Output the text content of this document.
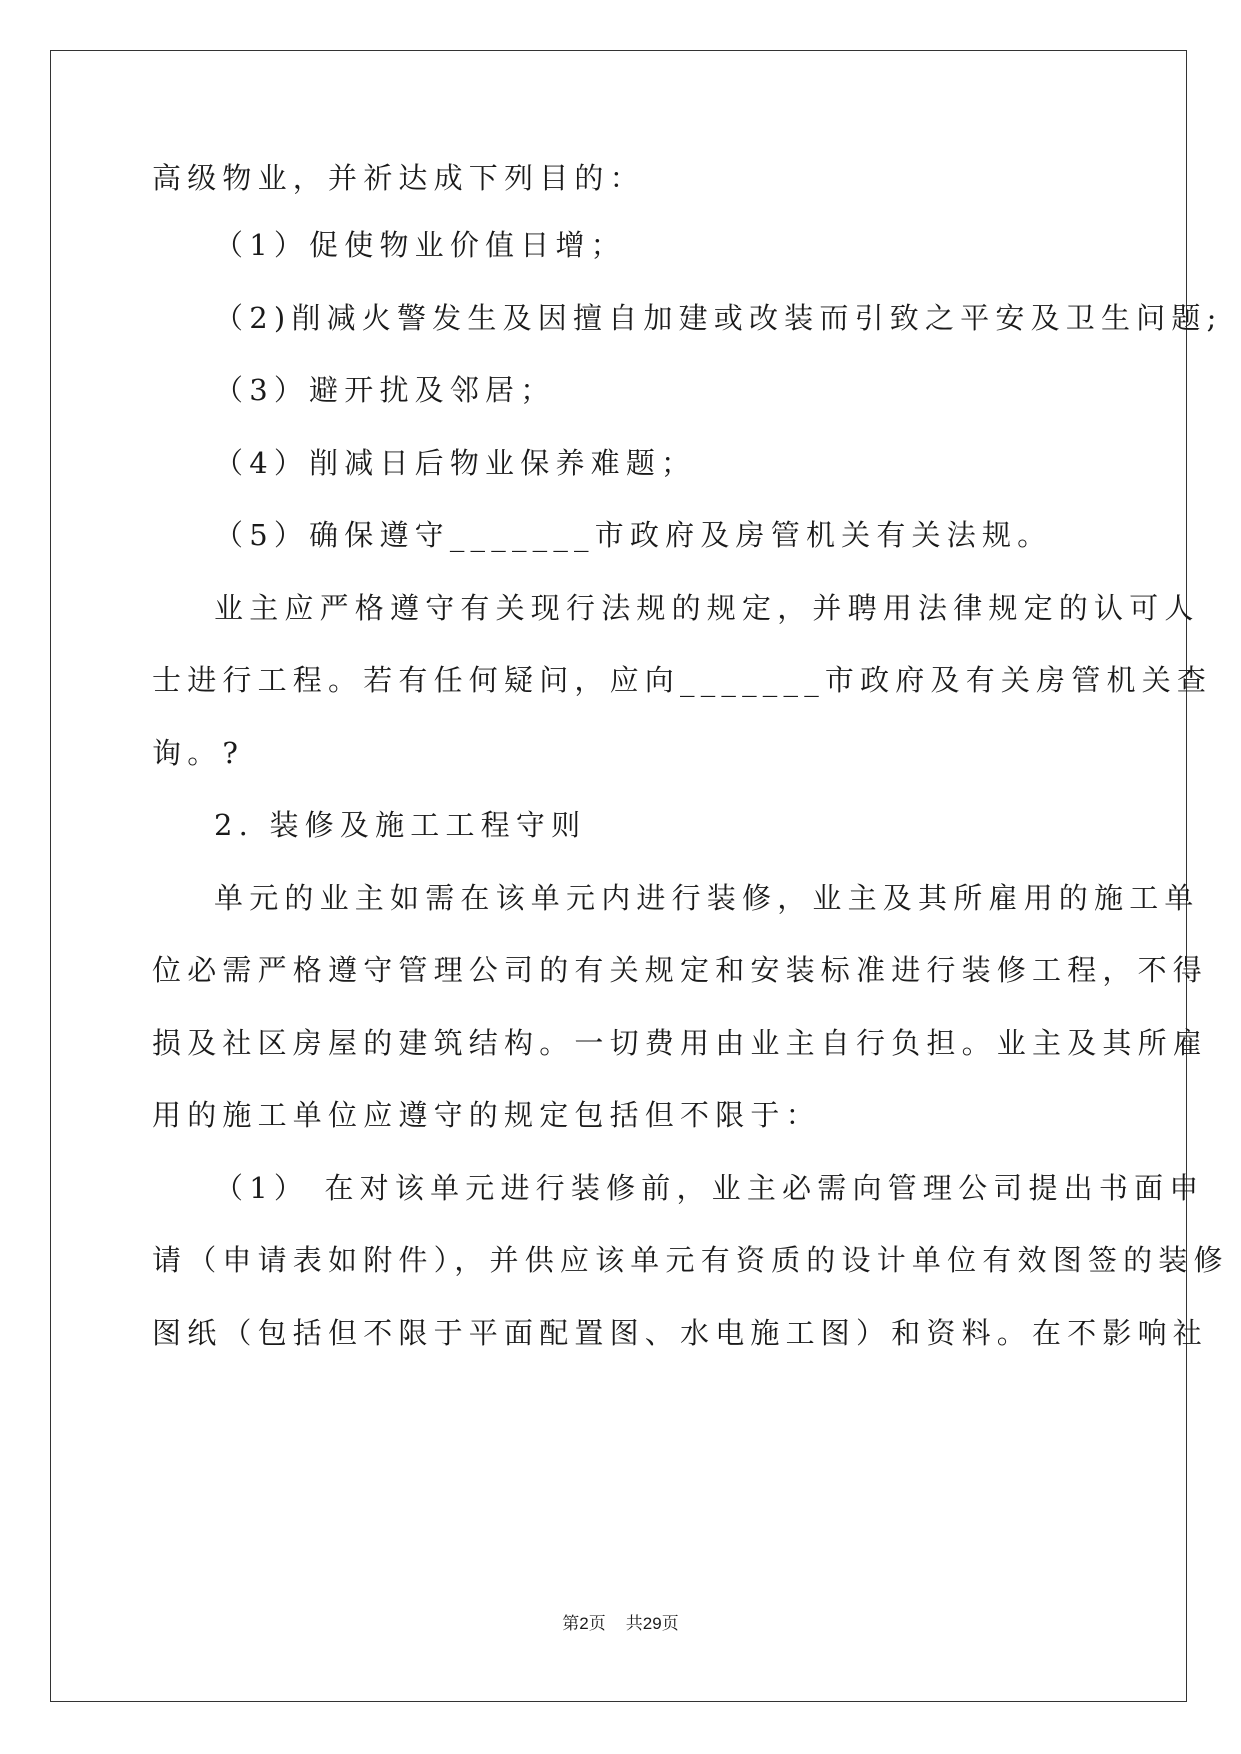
高级物业，并祈达成下列目的：
（1）促使物业价值日增；
（2)削减火警发生及因擅自加建或改装而引致之平安及卫生问题;
（3）避开扰及邻居；
（4）削减日后物业保养难题；
（5）确保遵守_______市政府及房管机关有关法规。
业主应严格遵守有关现行法规的规定，并聘用法律规定的认可人
士进行工程。若有任何疑问，应向_______市政府及有关房管机关查
询。?
2. 装修及施工工程守则
单元的业主如需在该单元内进行装修，业主及其所雇用的施工单
位必需严格遵守管理公司的有关规定和安装标准进行装修工程，不得
损及社区房屋的建筑结构。一切费用由业主自行负担。业主及其所雇
用的施工单位应遵守的规定包括但不限于：
（1） 在对该单元进行装修前，业主必需向管理公司提出书面申
请（申请表如附件），并供应该单元有资质的设计单位有效图签的装修
图纸（包括但不限于平面配置图、水电施工图）和资料。在不影响社
第2页 共29页
